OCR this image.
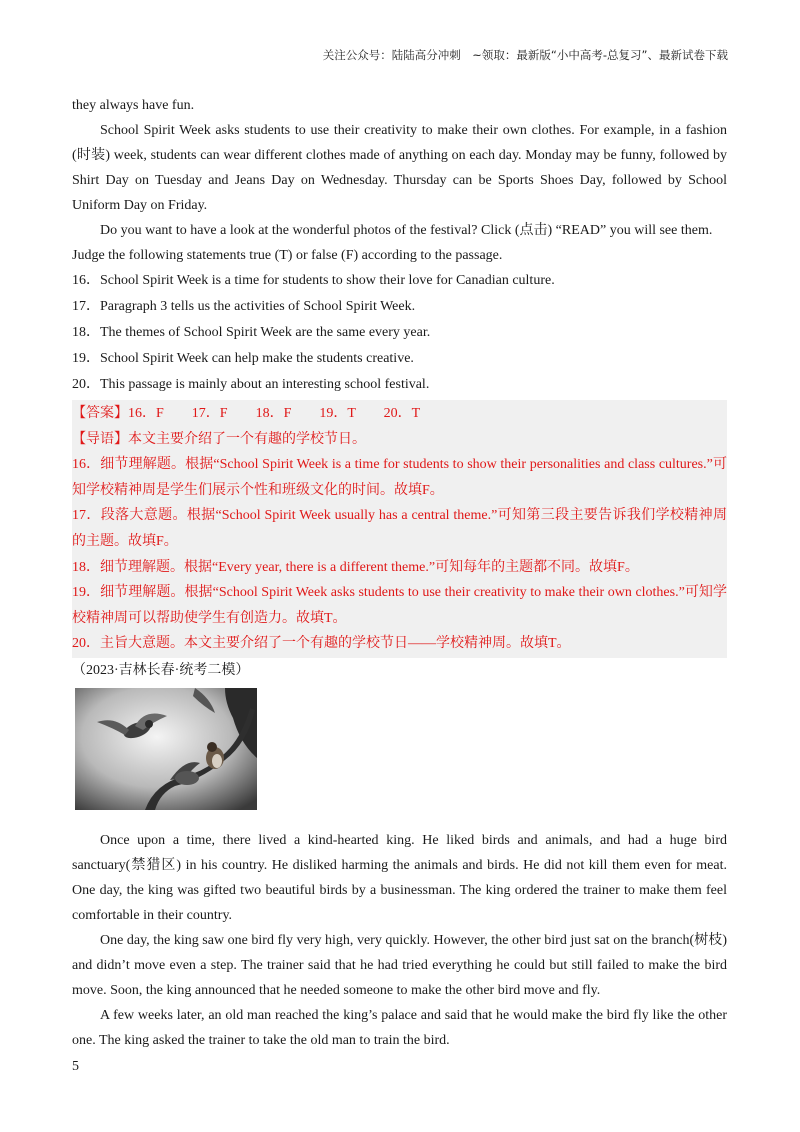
关注公众号：陆陆高分冲刺　~领取：最新版“小中高考-总复习”、最新试卷下载

they always have fun.

School Spirit Week asks students to use their creativity to make their own clothes. For example, in a fashion (时装) week, students can wear different clothes made of anything on each day. Monday may be funny, followed by Shirt Day on Tuesday and Jeans Day on Wednesday. Thursday can be Sports Shoes Day, followed by School Uniform Day on Friday.

Do you want to have a look at the wonderful photos of the festival? Click (点击) “READ” you will see them.

Judge the following statements true (T) or false (F) according to the passage.

16．School Spirit Week is a time for students to show their love for Canadian culture.

17．Paragraph 3 tells us the activities of School Spirit Week.

18．The themes of School Spirit Week are the same every year.

19．School Spirit Week can help make the students creative.

20．This passage is mainly about an interesting school festival.

【答案】16．F　　17．F　　18．F　　19．T　　20．T

【导语】本文主要介绍了一个有趣的学校节日。

16．细节理解题。根据“School Spirit Week is a time for students to show their personalities and class cultures.”可知学校精神周是学生们展示个性和班级文化的时间。故填F。

17．段落大意题。根据“School Spirit Week usually has a central theme.”可知第三段主要告诉我们学校精神周的主题。故填F。

18．细节理解题。根据“Every year, there is a different theme.”可知每年的主题都不同。故填F。

19．细节理解题。根据“School Spirit Week asks students to use their creativity to make their own clothes.”可知学校精神周可以帮助使学生有创造力。故填T。

20．主旨大意题。本文主要介绍了一个有趣的学校节日——学校精神周。故填T。

（2023·吉林长春·统考二模）

Once upon a time, there lived a kind-hearted king. He liked birds and animals, and had a huge bird sanctuary(禁猎区) in his country. He disliked harming the animals and birds. He did not kill them even for meat. One day, the king was gifted two beautiful birds by a businessman. The king ordered the trainer to make them feel comfortable in their country.

One day, the king saw one bird fly very high, very quickly. However, the other bird just sat on the branch(树枝) and didn’t move even a step. The trainer said that he had tried everything he could but still failed to make the bird move. Soon, the king announced that he needed someone to make the other bird move and fly.

A few weeks later, an old man reached the king’s palace and said that he would make the bird fly like the other one. The king asked the trainer to take the old man to train the bird.

5
